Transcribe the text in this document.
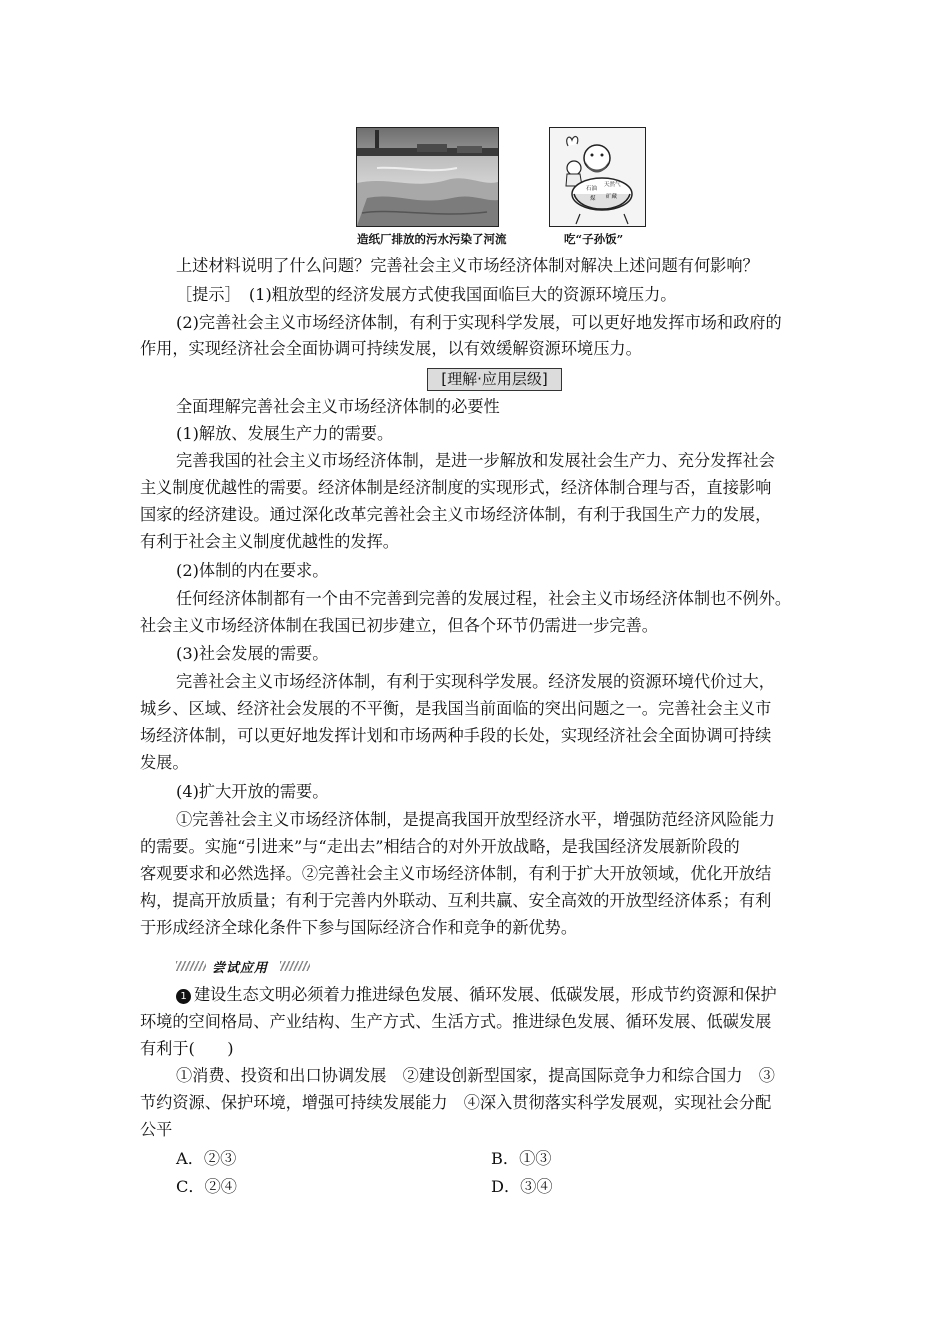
造纸厂排放的污水污染了河流
石油
天然气
煤 矿藏
吃“子孙饭”
上述材料说明了什么问题？完善社会主义市场经济体制对解决上述问题有何影响？
［提示］　(1)粗放型的经济发展方式使我国面临巨大的资源环境压力。
(2)完善社会主义市场经济体制，有利于实现科学发展，可以更好地发挥市场和政府的
作用，实现经济社会全面协调可持续发展，以有效缓解资源环境压力。
[理解·应用层级]
全面理解完善社会主义市场经济体制的必要性
(1)解放、发展生产力的需要。
完善我国的社会主义市场经济体制，是进一步解放和发展社会生产力、充分发挥社会
主义制度优越性的需要。经济体制是经济制度的实现形式，经济体制合理与否，直接影响
国家的经济建设。通过深化改革完善社会主义市场经济体制，有利于我国生产力的发展，
有利于社会主义制度优越性的发挥。
(2)体制的内在要求。
任何经济体制都有一个由不完善到完善的发展过程，社会主义市场经济体制也不例外。
社会主义市场经济体制在我国已初步建立，但各个环节仍需进一步完善。
(3)社会发展的需要。
完善社会主义市场经济体制，有利于实现科学发展。经济发展的资源环境代价过大，
城乡、区域、经济社会发展的不平衡，是我国当前面临的突出问题之一。完善社会主义市
场经济体制，可以更好地发挥计划和市场两种手段的长处，实现经济社会全面协调可持续
发展。
(4)扩大开放的需要。
①完善社会主义市场经济体制，是提高我国开放型经济水平，增强防范经济风险能力
的需要。实施“引进来”与“走出去”相结合的对外开放战略，是我国经济发展新阶段的
客观要求和必然选择。②完善社会主义市场经济体制，有利于扩大开放领域，优化开放结
构，提高开放质量；有利于完善内外联动、互利共赢、安全高效的开放型经济体系；有利
于形成经济全球化条件下参与国际经济合作和竞争的新优势。
尝试应用
1 建设生态文明必须着力推进绿色发展、循环发展、低碳发展，形成节约资源和保护
环境的空间格局、产业结构、生产方式、生活方式。推进绿色发展、循环发展、低碳发展
有利于(　　)
①消费、投资和出口协调发展　②建设创新型国家，提高国际竞争力和综合国力　③
节约资源、保护环境，增强可持续发展能力　④深入贯彻落实科学发展观，实现社会分配
公平
A．②③	B．①③
C．②④	D．③④
